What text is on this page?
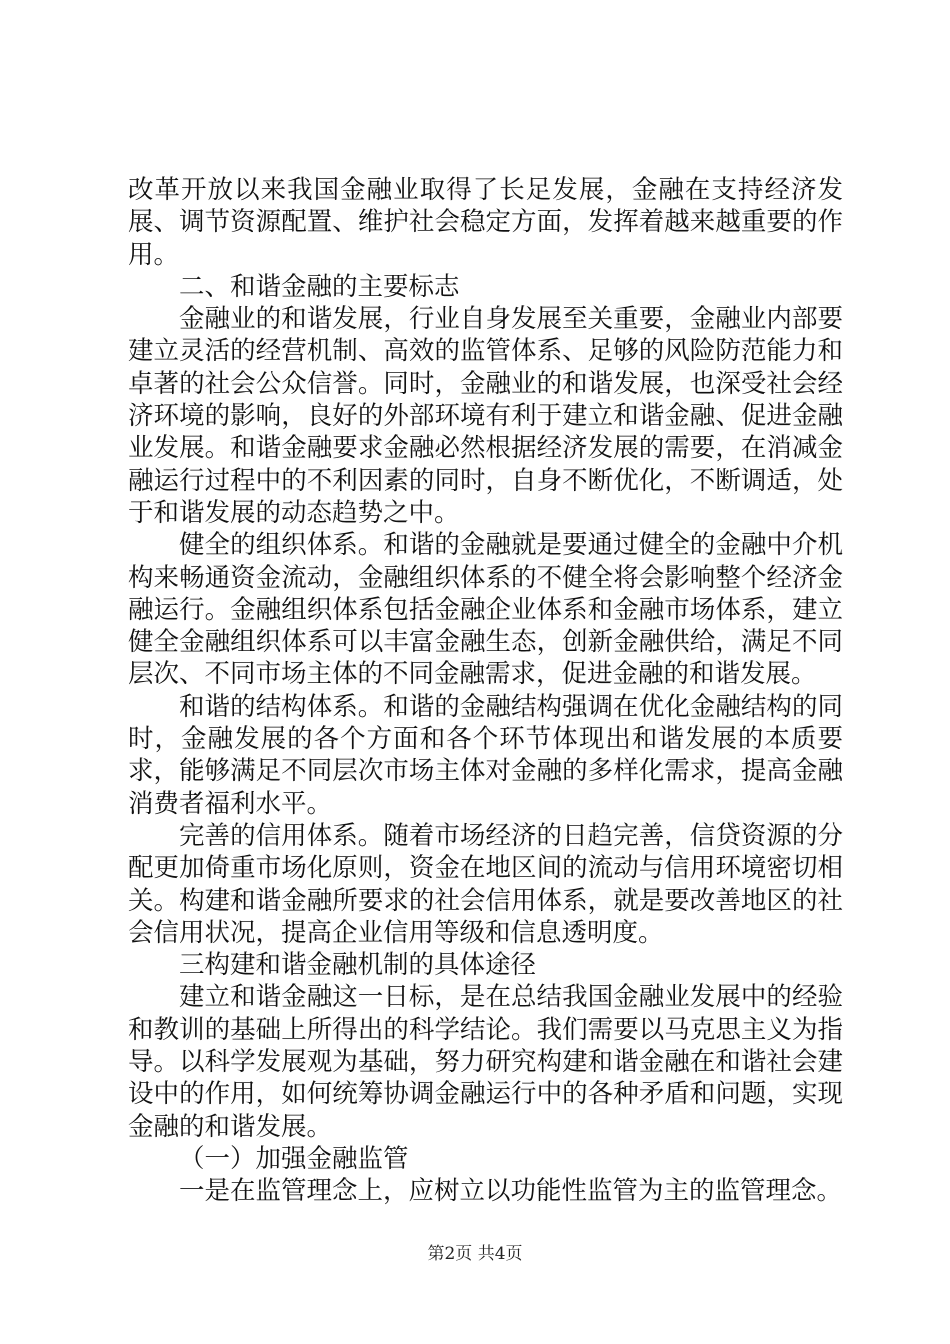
改革开放以来我国金融业取得了长足发展，金融在支持经济发展、调节资源配置、维护社会稳定方面，发挥着越来越重要的作用。

二、和谐金融的主要标志

金融业的和谐发展，行业自身发展至关重要，金融业内部要建立灵活的经营机制、高效的监管体系、足够的风险防范能力和卓著的社会公众信誉。同时，金融业的和谐发展，也深受社会经济环境的影响，良好的外部环境有利于建立和谐金融、促进金融业发展。和谐金融要求金融必然根据经济发展的需要，在消减金融运行过程中的不利因素的同时，自身不断优化，不断调适，处于和谐发展的动态趋势之中。

健全的组织体系。和谐的金融就是要通过健全的金融中介机构来畅通资金流动，金融组织体系的不健全将会影响整个经济金融运行。金融组织体系包括金融企业体系和金融市场体系，建立健全金融组织体系可以丰富金融生态，创新金融供给，满足不同层次、不同市场主体的不同金融需求，促进金融的和谐发展。

和谐的结构体系。和谐的金融结构强调在优化金融结构的同时，金融发展的各个方面和各个环节体现出和谐发展的本质要求，能够满足不同层次市场主体对金融的多样化需求，提高金融消费者福利水平。

完善的信用体系。随着市场经济的日趋完善，信贷资源的分配更加倚重市场化原则，资金在地区间的流动与信用环境密切相关。构建和谐金融所要求的社会信用体系，就是要改善地区的社会信用状况，提高企业信用等级和信息透明度。

三构建和谐金融机制的具体途径

建立和谐金融这一日标，是在总结我国金融业发展中的经验和教训的基础上所得出的科学结论。我们需要以马克思主义为指导。以科学发展观为基础，努力研究构建和谐金融在和谐社会建设中的作用，如何统筹协调金融运行中的各种矛盾和问题，实现金融的和谐发展。

（一）加强金融监管

一是在监管理念上，应树立以功能性监管为主的监管理念。

第2页 共4页
